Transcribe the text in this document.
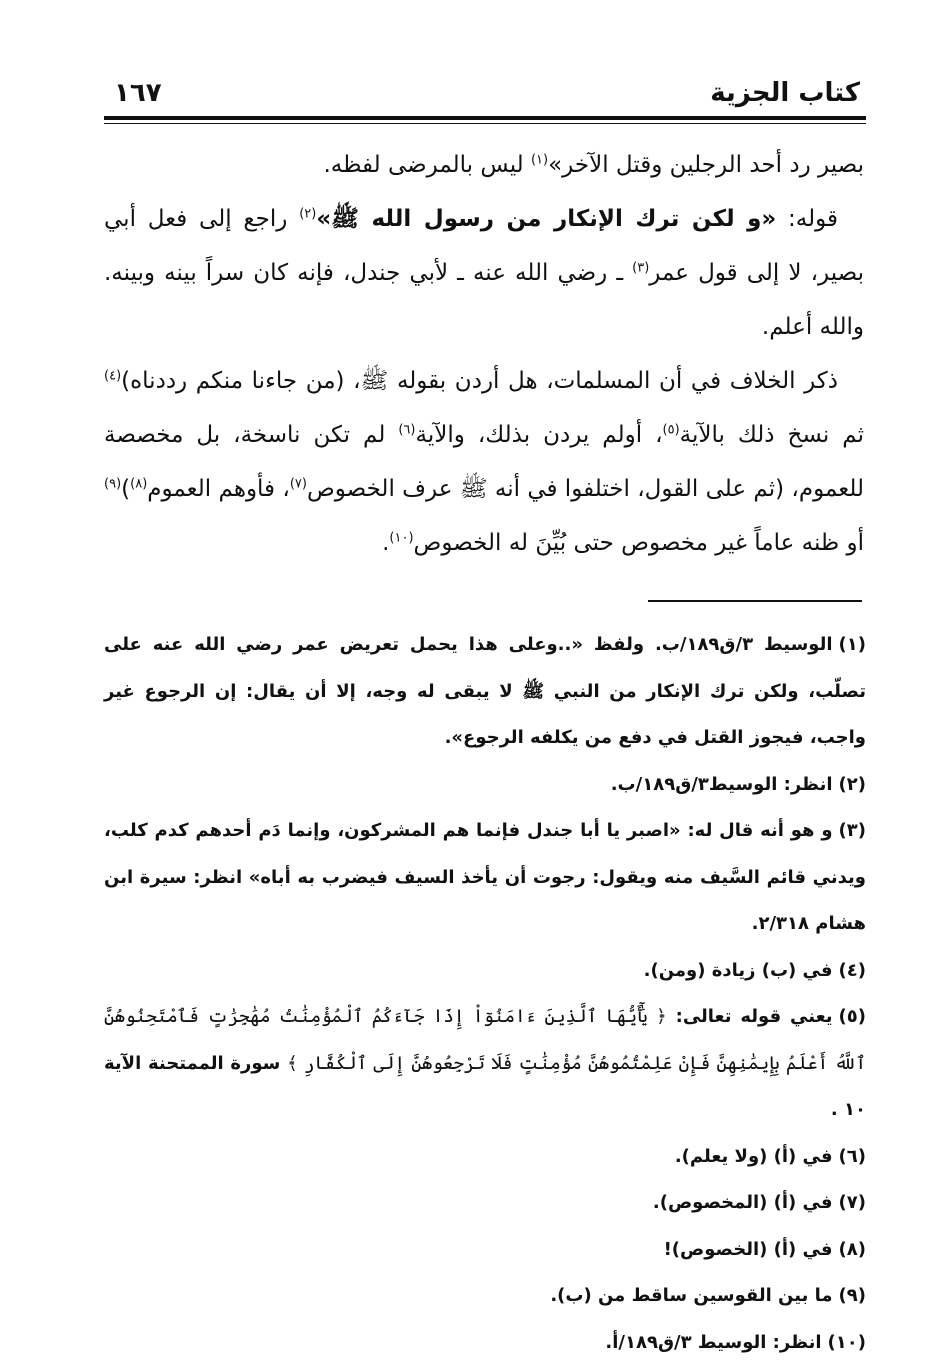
١٦٧	كتاب الجزية

بصير رد أحد الرجلين وقتل الآخر»$^{(١)}$ ليس بالمرضى لفظه.

قوله: «و لكن ترك الإنكار من رسول الله ﷺ»$^{(٢)}$ راجع إلى فعل أبي بصير، لا إلى قول عمر$^{(٣)}$ ـ رضي الله عنه ـ لأبي جندل، فإنه كان سراً بينه وبينه. والله أعلم.

ذكر الخلاف في أن المسلمات، هل أردن بقوله ﷺ، (من جاءنا منكم رددناه)$^{(٤)}$ ثم نسخ ذلك بالآية$^{(٥)}$، أولم يردن بذلك، والآية$^{(٦)}$ لم تكن ناسخة، بل مخصصة للعموم، (ثم على القول، اختلفوا في أنه ﷺ عرف الخصوص$^{(٧)}$، فأوهم العموم$^{(٨)}$)$^{(٩)}$ أو ظنه عاماً غير مخصوص حتى بُيِّنَ له الخصوص$^{(١٠)}$.

(١)الوسيط ٣/ق١٨٩/ب. ولفظ «..وعلى هذا يحمل تعريض عمر رضي الله عنه على تصلّب، ولكن ترك الإنكار من النبي ﷺ لا يبقى له وجه، إلا أن يقال: إن الرجوع غير واجب، فيجوز القتل في دفع من يكلفه الرجوع».

(٢)انظر: الوسيط٣/ق١٨٩/ب.

(٣)و هو أنه قال له: «اصبر يا أبا جندل فإنما هم المشركون، وإنما دَم أحدهم كدم كلب، ويدني قائم السَّيف منه ويقول: رجوت أن يأخذ السيف فيضرب به أباه» انظر: سيرة ابن هشام ٢/٣١٨.

(٤)في (ب) زيادة (ومن).

(٥)يعني قوله تعالى: ﴿ يَٰٓأَيُّهَا ٱلَّذِينَ ءَامَنُوٓاْ إِذَا جَآءَكُمُ ٱلْمُؤْمِنَٰتُ مُهَٰجِرَٰتٍ فَٱمْتَحِنُوهُنَّ ٱللَّهُ أَعْلَمُ بِإِيمَٰنِهِنَّ فَإِنْ عَلِمْتُمُوهُنَّ مُؤْمِنَٰتٍ فَلَا تَرْجِعُوهُنَّ إِلَى ٱلْكُفَّارِ ﴾ سورة الممتحنة الآية ١٠ .

(٦)في (أ) (ولا يعلم).

(٧)في (أ) (المخصوص).

(٨)في (أ) (الخصوص)!

(٩)ما بين القوسين ساقط من (ب).

(١٠)انظر: الوسيط ٣/ق١٨٩/أ.
